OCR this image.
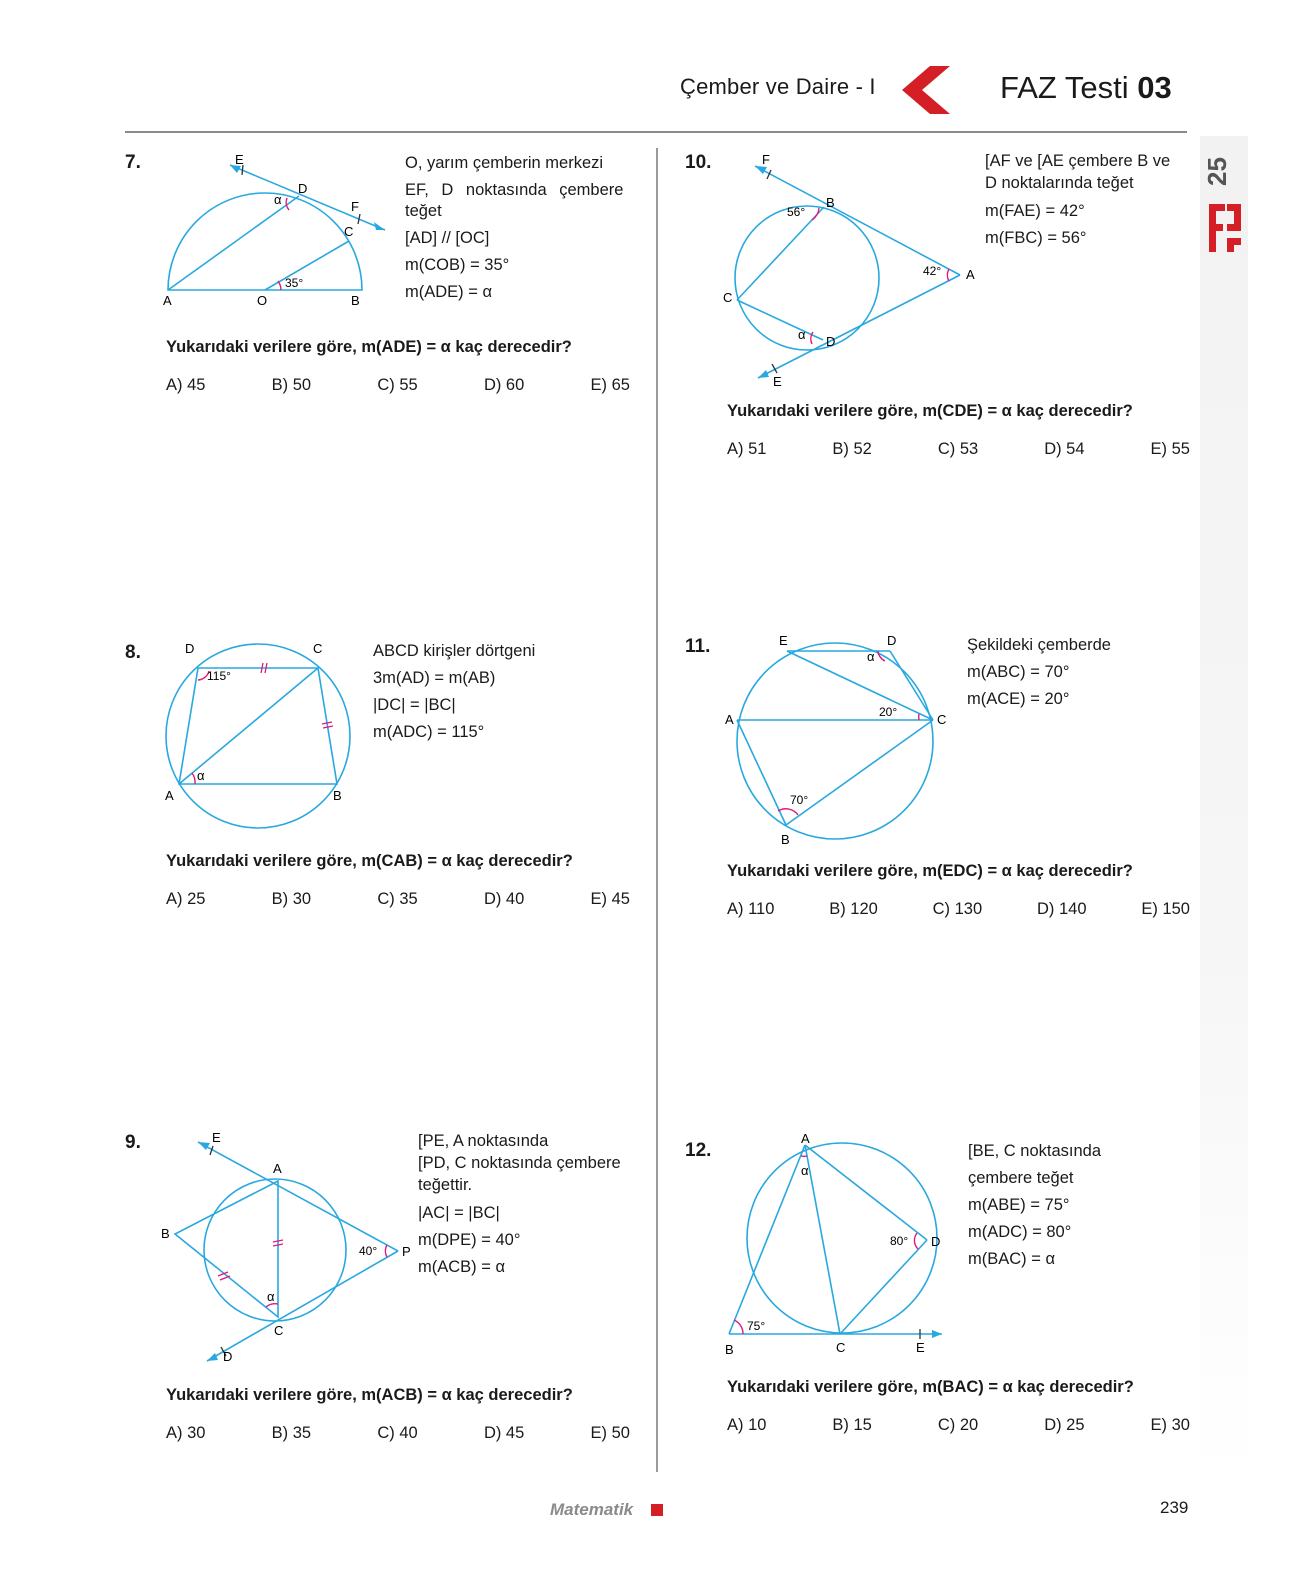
Çember ve Daire - I	FAZ Testi 03
25
7.	E
D
F
C
A	O	B
α
35°
O, yarım çemberin merkezi
EF, D noktasında çembere
teğet
[AD] // [OC]
m(COB) = 35°
m(ADE) = α
Yukarıdaki verilere göre, m(ADE) = α kaç derecedir?
A) 45	B) 50	C) 55	D) 60	E) 65
8.	D	C
A	B
115°
α
ABCD kirişler dörtgeni
3m(AD) = m(AB)
|DC| = |BC|
m(ADC) = 115°
Yukarıdaki verilere göre, m(CAB) = α kaç derecedir?
A) 25	B) 30	C) 35	D) 40	E) 45
9.	E
A
B
P
C
D
40°
α
[PE, A noktasında
[PD, C noktasında çembere
teğettir.
|AC| = |BC|
m(DPE) = 40°
m(ACB) = α
Yukarıdaki verilere göre, m(ACB) = α kaç derecedir?
A) 30	B) 35	C) 40	D) 45	E) 50
10.	F
B
A
C
D
E
56°
42°
α
[AF ve [AE çembere B ve
D noktalarında teğet
m(FAE) = 42°
m(FBC) = 56°
Yukarıdaki verilere göre, m(CDE) = α kaç derecedir?
A) 51	B) 52	C) 53	D) 54	E) 55
11.	E	D
A	C
B
α
20°
70°
Şekildeki çemberde
m(ABC) = 70°
m(ACE) = 20°
Yukarıdaki verilere göre, m(EDC) = α kaç derecedir?
A) 110	B) 120	C) 130	D) 140	E) 150
12.
A
D
B	C	E
α
80°
75°
[BE, C noktasında
çembere teğet
m(ABE) = 75°
m(ADC) = 80°
m(BAC) = α
Yukarıdaki verilere göre, m(BAC) = α kaç derecedir?
A) 10	B) 15	C) 20	D) 25	E) 30
Matematik	239
